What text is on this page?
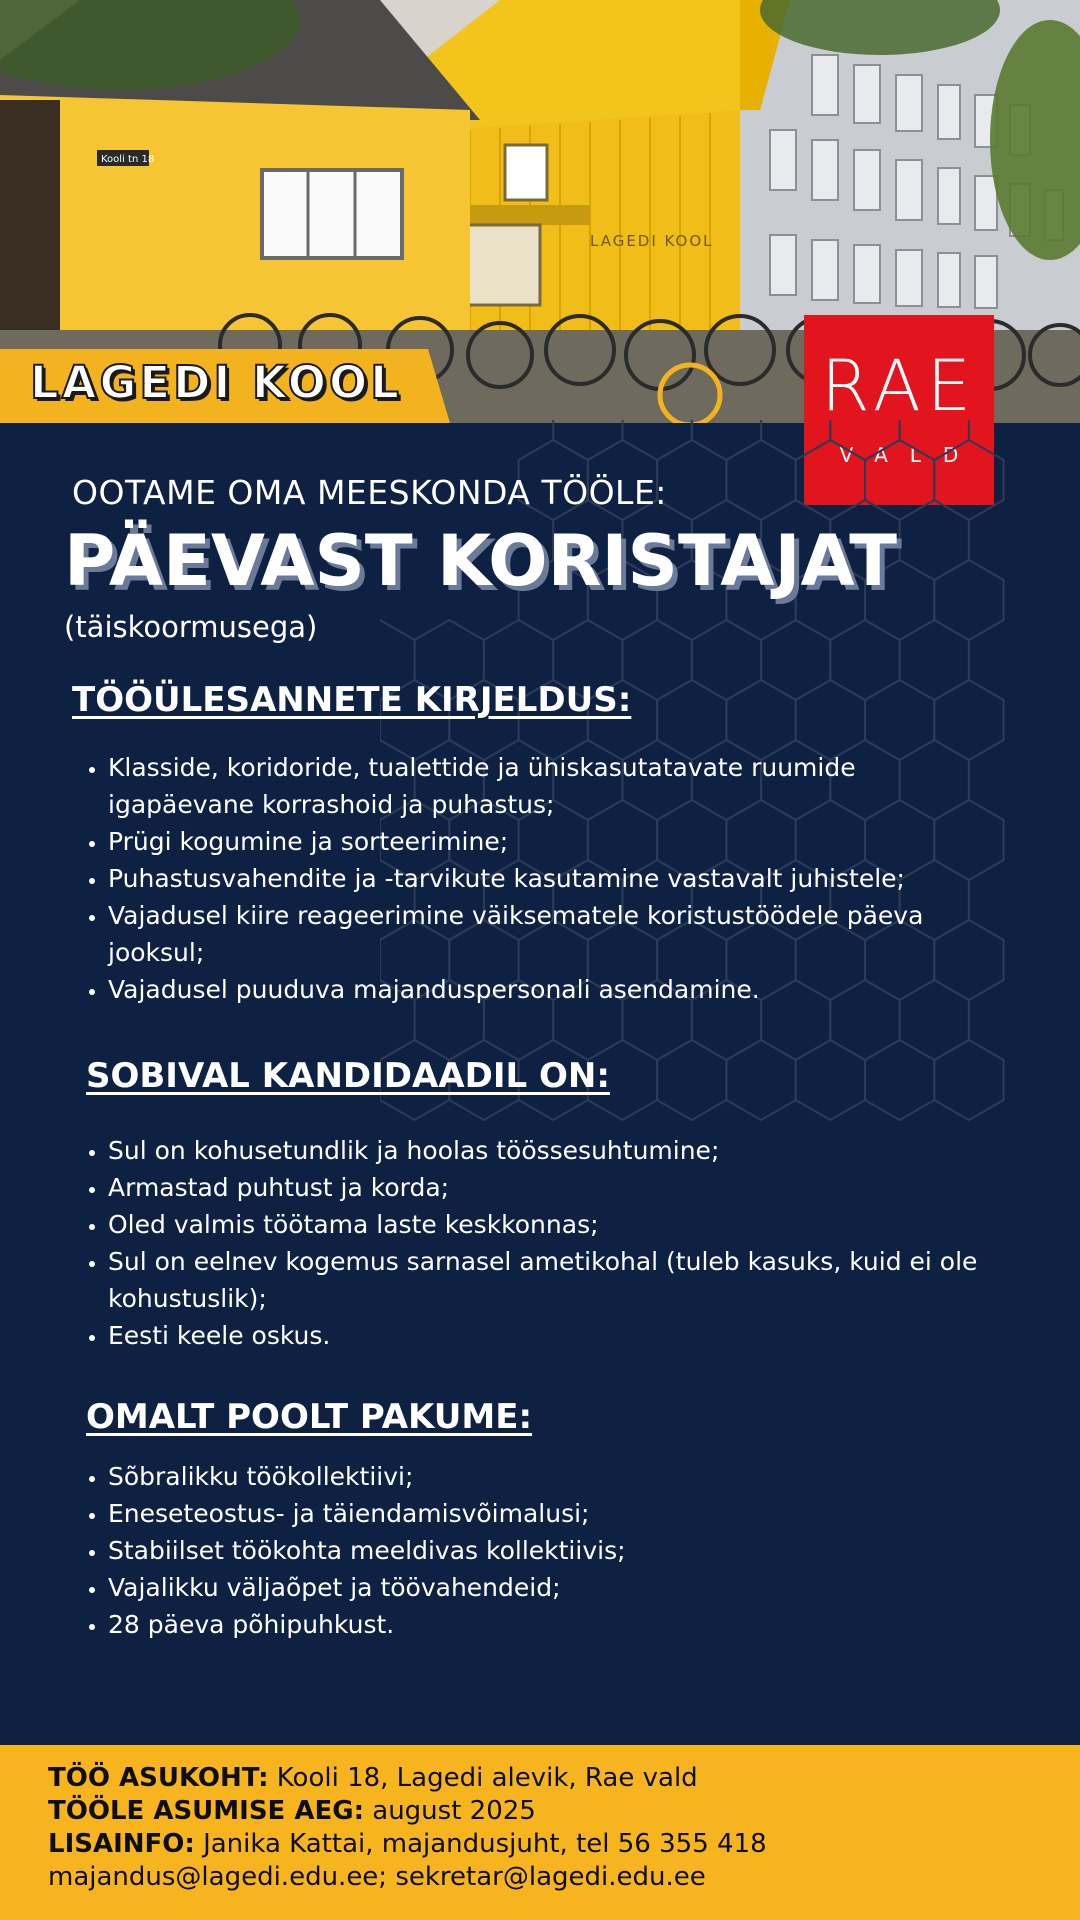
LAGEDI KOOL
Kooli tn 18
LAGEDI KOOL	RAE
VALD
OOTAME OMA MEESKONDA TÖÖLE:
PÄEVAST KORISTAJAT

(täiskoormusega)

TÖÖÜLESANNETE KIRJELDUS:
• Klasside, koridoride, tualettide ja ühiskasutatavate ruumide igapäevane korrashoid ja puhastus;
• Prügi kogumine ja sorteerimine;
• Puhastusvahendite ja -tarvikute kasutamine vastavalt juhistele;
• Vajadusel kiire reageerimine väiksematele koristustöödele päeva jooksul;
• Vajadusel puuduva majanduspersonali asendamine.
SOBIVAL KANDIDAADIL ON:
• Sul on kohusetundlik ja hoolas töössesuhtumine;
• Armastad puhtust ja korda;
• Oled valmis töötama laste keskkonnas;
• Sul on eelnev kogemus sarnasel ametikohal (tuleb kasuks, kuid ei ole kohustuslik);
• Eesti keele oskus.
OMALT POOLT PAKUME:
• Sõbralikku töökollektiivi;
• Eneseteostus- ja täiendamisvõimalusi;
• Stabiilset töökohta meeldivas kollektiivis;
• Vajalikku väljaõpet ja töövahendeid;
• 28 päeva põhipuhkust.

TÖÖ ASUKOHT: Kooli 18, Lagedi alevik, Rae vald

TÖÖLE ASUMISE AEG: august 2025

LISAINFO: Janika Kattai, majandusjuht, tel 56 355 418

majandus@lagedi.edu.ee; sekretar@lagedi.edu.ee
